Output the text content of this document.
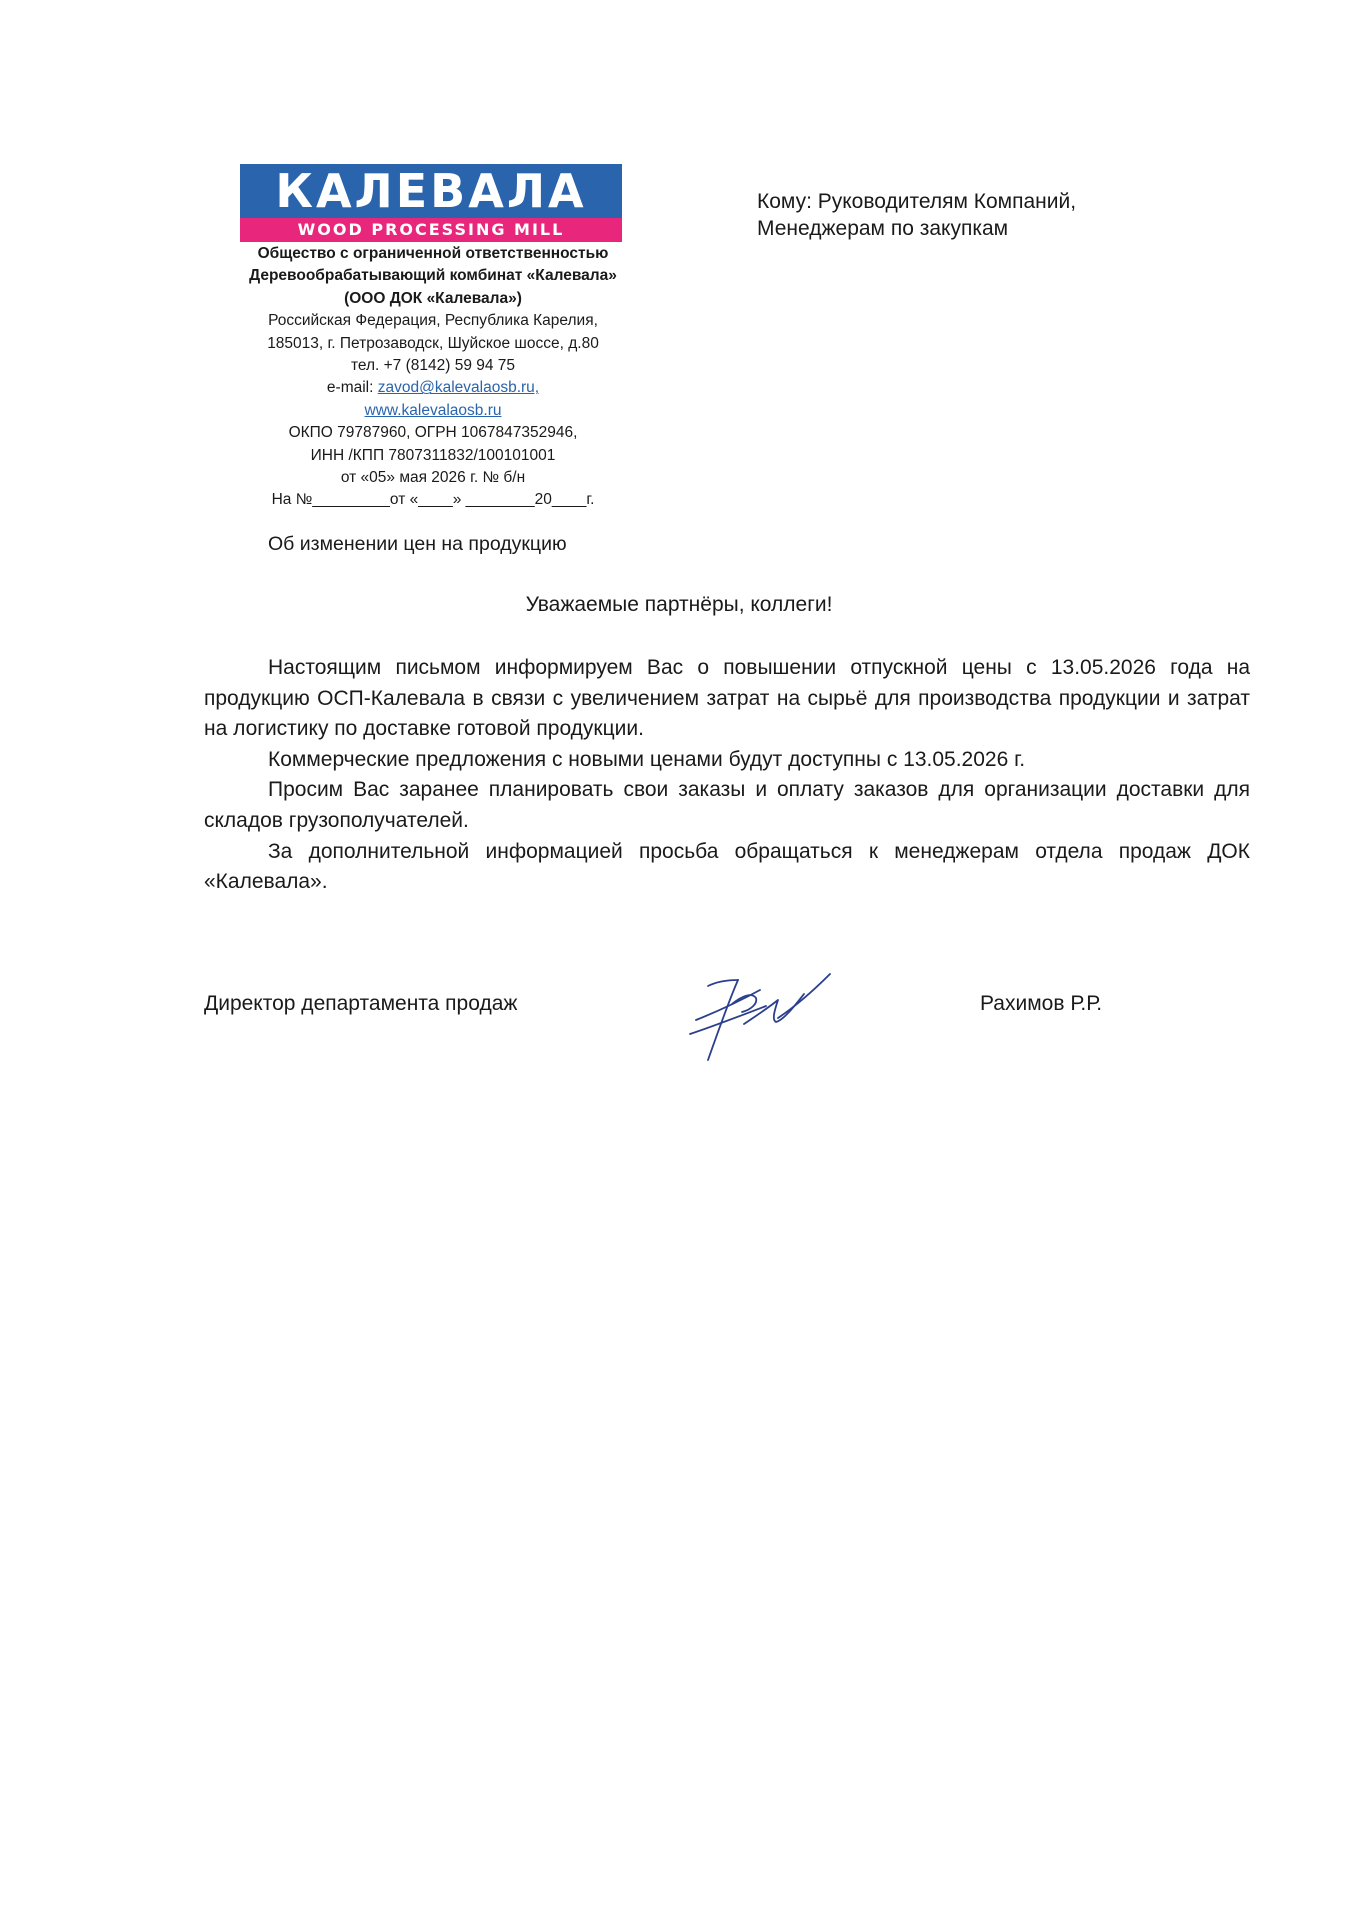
КАЛЕВАЛА
WOOD PROCESSING MILL
Общество с ограниченной ответственностью
Деревообрабатывающий комбинат «Калевала»
(ООО ДОК «Калевала»)
Российская Федерация, Республика Карелия,
185013, г. Петрозаводск, Шуйское шоссе, д.80
тел. +7 (8142) 59 94 75
e-mail: zavod@kalevalaosb.ru,
www.kalevalaosb.ru
ОКПО 79787960, ОГРН 1067847352946,
ИНН /КПП 7807311832/100101001
от «05» мая 2026 г. № б/н
На №_________от «____» ________20____г.
Кому: Руководителям Компаний,
Менеджерам по закупкам
Об изменении цен на продукцию
Уважаемые партнёры, коллеги!

Настоящим письмом информируем Вас о повышении отпускной цены с 13.05.2026 года на продукцию ОСП-Калевала в связи с увеличением затрат на сырьё для производства продукции и затрат на логистику по доставке готовой продукции.

Коммерческие предложения с новыми ценами будут доступны с 13.05.2026 г.

Просим Вас заранее планировать свои заказы и оплату заказов для организации доставки для складов грузополучателей.

За дополнительной информацией просьба обращаться к менеджерам отдела продаж ДОК «Калевала».

Директор департамента продаж	Рахимов Р.Р.
